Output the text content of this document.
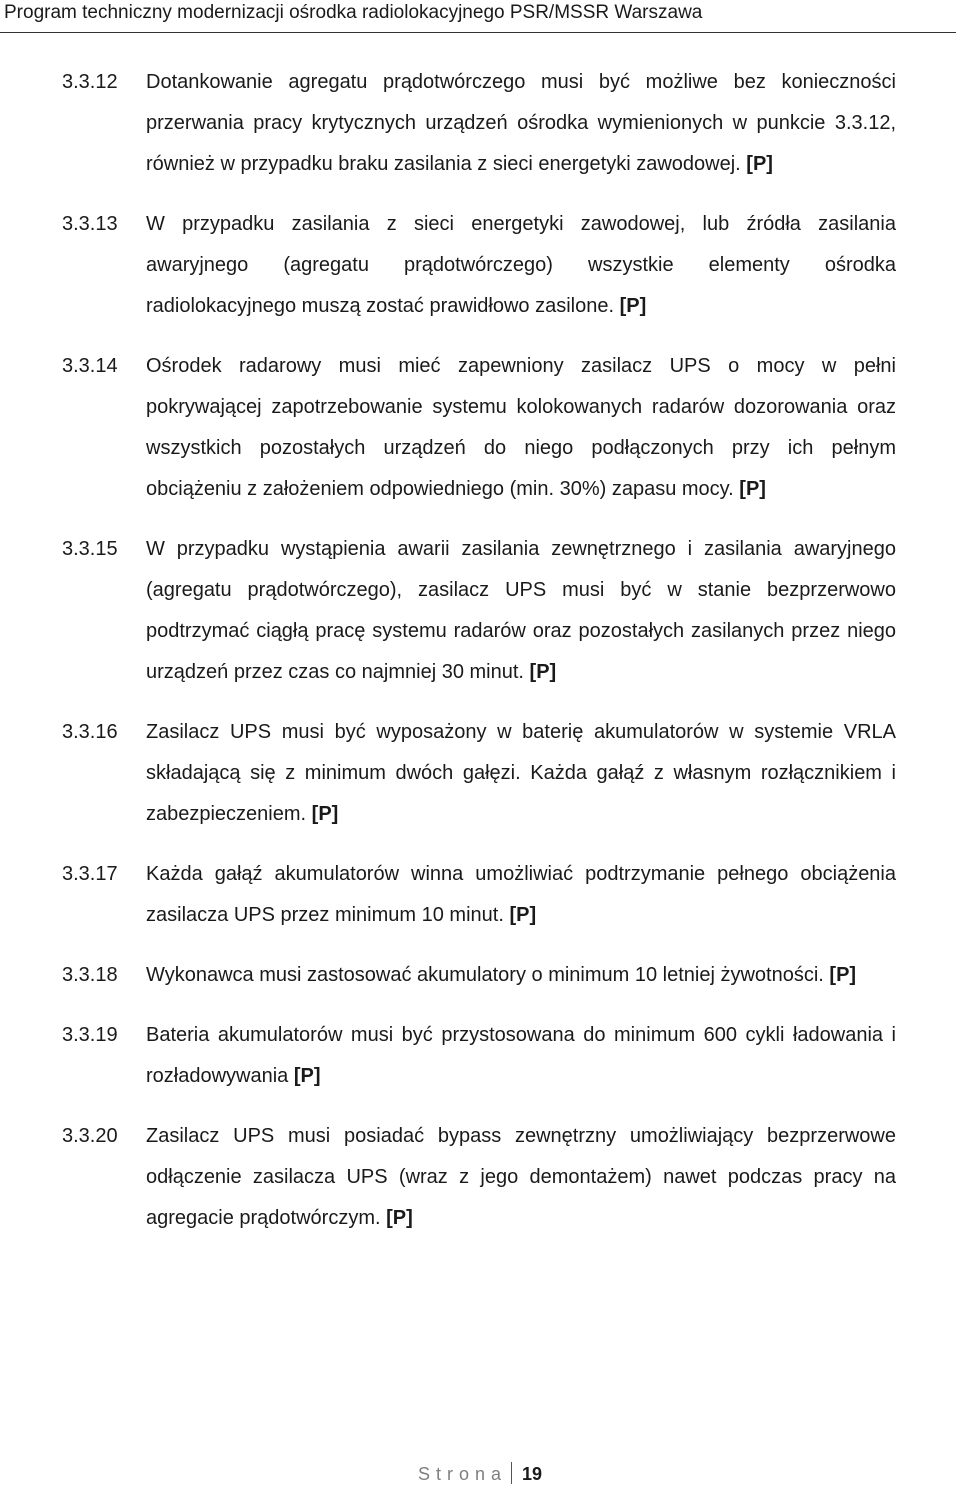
Program techniczny modernizacji ośrodka radiolokacyjnego PSR/MSSR Warszawa
3.3.12	Dotankowanie agregatu prądotwórczego musi być możliwe bez konieczności przerwania pracy krytycznych urządzeń ośrodka wymienionych w punkcie 3.3.12, również w przypadku braku zasilania z sieci energetyki zawodowej. [P]
3.3.13	W przypadku zasilania z sieci energetyki zawodowej, lub źródła zasilania awaryjnego (agregatu prądotwórczego) wszystkie elementy ośrodka radiolokacyjnego muszą zostać prawidłowo zasilone. [P]
3.3.14	Ośrodek radarowy musi mieć zapewniony zasilacz UPS o mocy w pełni pokrywającej zapotrzebowanie systemu kolokowanych radarów dozorowania oraz wszystkich pozostałych urządzeń do niego podłączonych przy ich pełnym obciążeniu z założeniem odpowiedniego (min. 30%) zapasu mocy. [P]
3.3.15	W przypadku wystąpienia awarii zasilania zewnętrznego i zasilania awaryjnego (agregatu prądotwórczego), zasilacz UPS musi być w stanie bezprzerwowo podtrzymać ciągłą pracę systemu radarów oraz pozostałych zasilanych przez niego urządzeń przez czas co najmniej 30 minut. [P]
3.3.16	Zasilacz UPS musi być wyposażony w baterię akumulatorów w systemie VRLA składającą się z minimum dwóch gałęzi. Każda gałąź z własnym rozłącznikiem i zabezpieczeniem. [P]
3.3.17	Każda gałąź akumulatorów winna umożliwiać podtrzymanie pełnego obciążenia zasilacza UPS przez minimum 10 minut. [P]
3.3.18	Wykonawca musi zastosować akumulatory o minimum 10 letniej żywotności. [P]
3.3.19	Bateria akumulatorów musi być przystosowana do minimum 600 cykli ładowania i rozładowywania [P]
3.3.20	Zasilacz UPS musi posiadać bypass zewnętrzny umożliwiający bezprzerwowe odłączenie zasilacza UPS (wraz z jego demontażem) nawet podczas pracy na agregacie prądotwórczym. [P]
Strona 19
